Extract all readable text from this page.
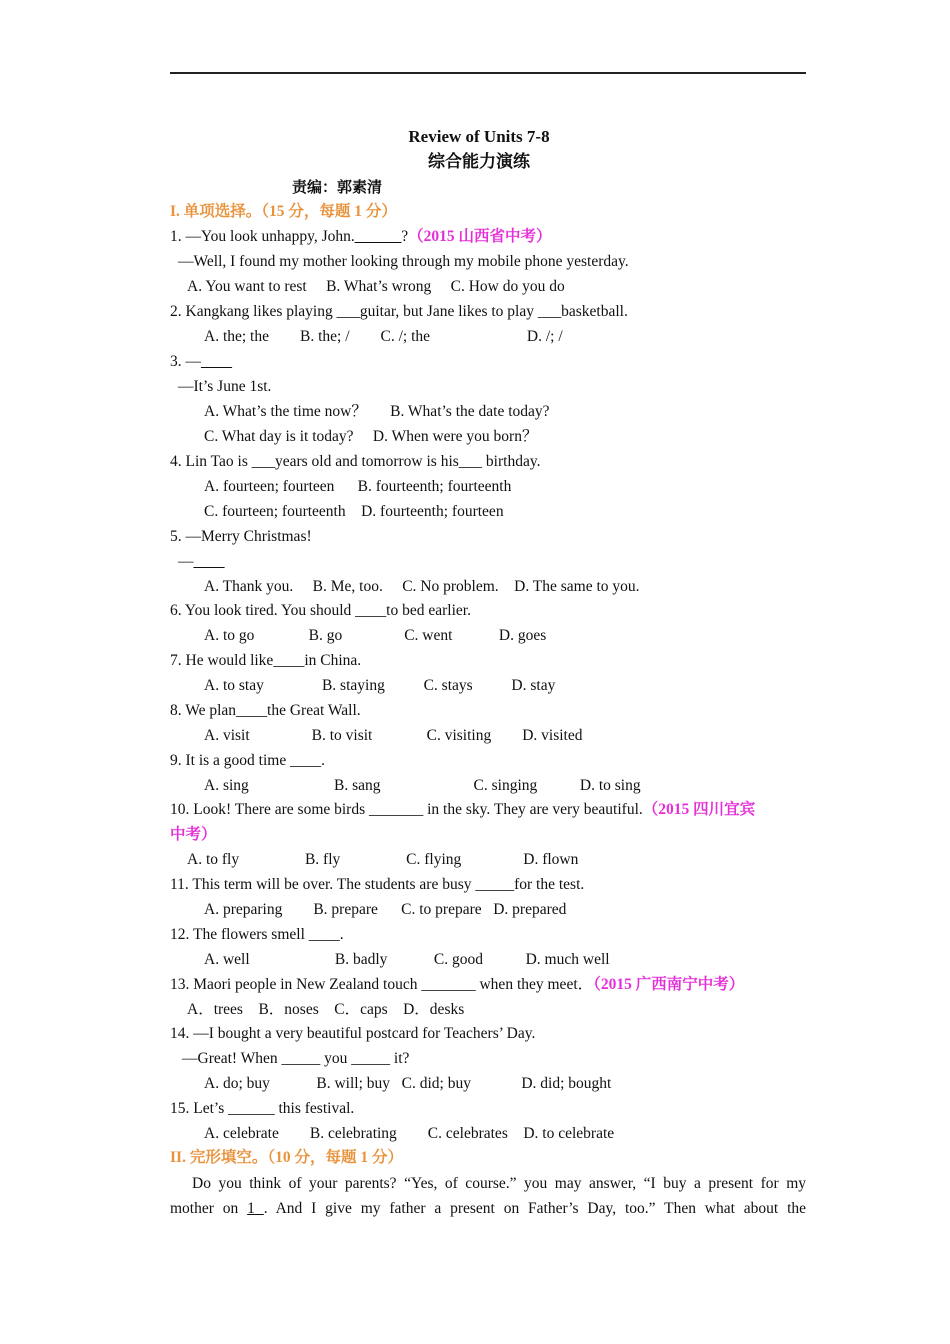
Review of Units 7-8
综合能力演练
责编：郭素清
I. 单项选择。（15 分，每题 1 分）
1. —You look unhappy, John.______?（2015 山西省中考）
—Well, I found my mother looking through my mobile phone yesterday.
A. You want to rest     B. What’s wrong     C. How do you do
2. Kangkang likes playing ___guitar, but Jane likes to play ___basketball.
A. the; the        B. the; /        C. /; the                         D. /; /
3. —____
—It’s June 1st.
A. What’s the time now？      B. What’s the date today?
C. What day is it today?     D. When were you born？
4. Lin Tao is ___years old and tomorrow is his___ birthday.
A. fourteen; fourteen      B. fourteenth; fourteenth
C. fourteen; fourteenth    D. fourteenth; fourteen
5. —Merry Christmas!
—____
A. Thank you.     B. Me, too.     C. No problem.    D. The same to you.
6. You look tired. You should ____to bed earlier.
A. to go              B. go                C. went            D. goes
7. He would like____in China.
A. to stay               B. staying          C. stays          D. stay
8. We plan____the Great Wall.
A. visit                B. to visit              C. visiting        D. visited
9. It is a good time ____.
A. sing                      B. sang                        C. singing           D. to sing
10. Look! There are some birds _______ in the sky. They are very beautiful.（2015 四川宜宾
中考）
A. to fly                 B. fly                 C. flying                D. flown
11. This term will be over. The students are busy _____for the test.
A. preparing        B. prepare      C. to prepare   D. prepared
12. The flowers smell ____.
A. well                      B. badly            C. good           D. much well
13. Maori people in New Zealand touch _______ when they meet．（2015 广西南宁中考）
A．trees    B．noses    C．caps    D．desks
14. —I bought a very beautiful postcard for Teachers’ Day.
—Great! When _____ you _____ it?
A. do; buy            B. will; buy   C. did; buy             D. did; bought
15. Let’s ______ this festival.
A. celebrate        B. celebrating        C. celebrates    D. to celebrate
II. 完形填空。（10 分，每题 1 分）
Do you think of your parents? “Yes, of course.” you may answer, “I buy a present for my
mother on 1 . And I give my father a present on Father’s Day, too.” Then what about the
